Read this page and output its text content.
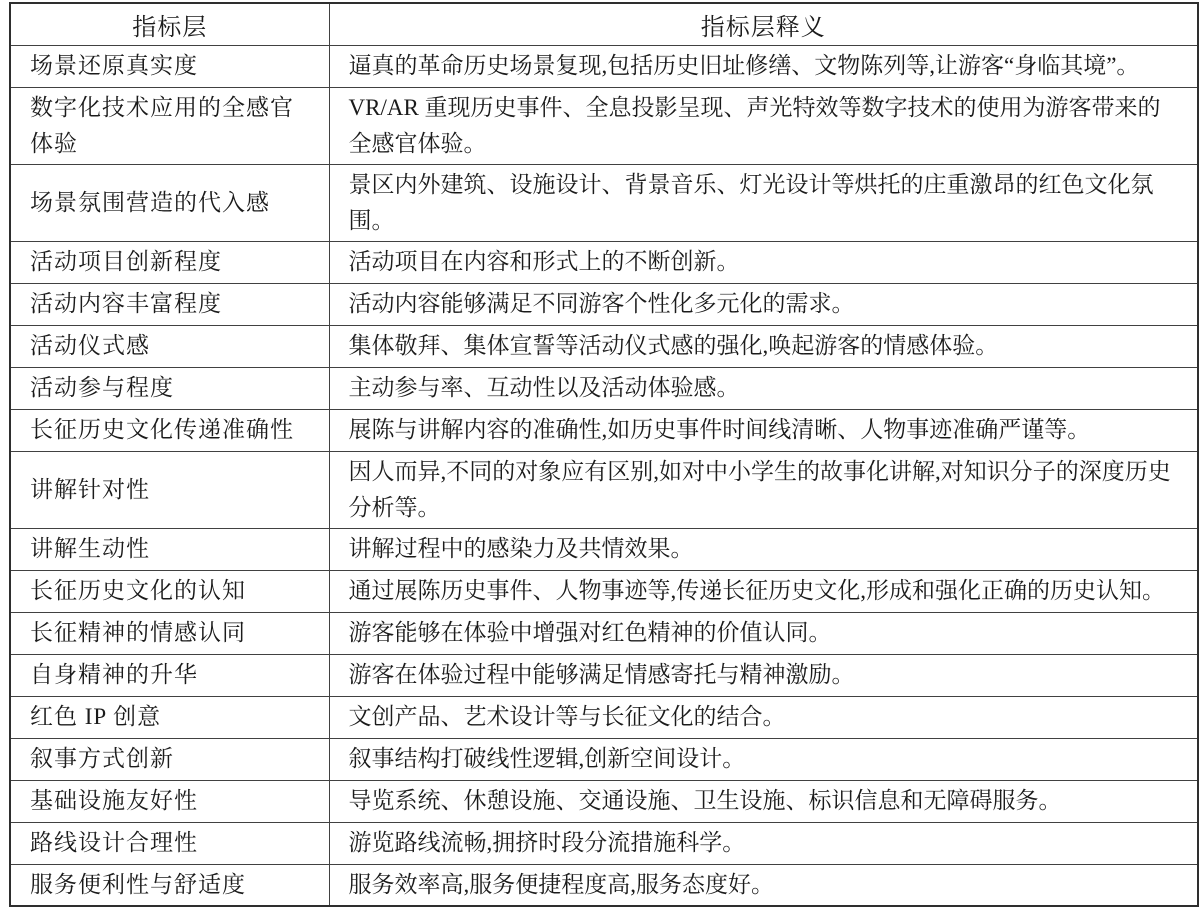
指标层	指标层释义
场景还原真实度	逼真的革命历史场景复现,包括历史旧址修缮、文物陈列等,让游客“身临其境”。
数字化技术应用的全感官体验	VR/AR 重现历史事件、全息投影呈现、声光特效等数字技术的使用为游客带来的全感官体验。
场景氛围营造的代入感	景区内外建筑、设施设计、背景音乐、灯光设计等烘托的庄重激昂的红色文化氛围。
活动项目创新程度	活动项目在内容和形式上的不断创新。
活动内容丰富程度	活动内容能够满足不同游客个性化多元化的需求。
活动仪式感	集体敬拜、集体宣誓等活动仪式感的强化,唤起游客的情感体验。
活动参与程度	主动参与率、互动性以及活动体验感。
长征历史文化传递准确性	展陈与讲解内容的准确性,如历史事件时间线清晰、人物事迹准确严谨等。
讲解针对性	因人而异,不同的对象应有区别,如对中小学生的故事化讲解,对知识分子的深度历史分析等。
讲解生动性	讲解过程中的感染力及共情效果。
长征历史文化的认知	通过展陈历史事件、人物事迹等,传递长征历史文化,形成和强化正确的历史认知。
长征精神的情感认同	游客能够在体验中增强对红色精神的价值认同。
自身精神的升华	游客在体验过程中能够满足情感寄托与精神激励。
红色 IP 创意	文创产品、艺术设计等与长征文化的结合。
叙事方式创新	叙事结构打破线性逻辑,创新空间设计。
基础设施友好性	导览系统、休憩设施、交通设施、卫生设施、标识信息和无障碍服务。
路线设计合理性	游览路线流畅,拥挤时段分流措施科学。
服务便利性与舒适度	服务效率高,服务便捷程度高,服务态度好。
